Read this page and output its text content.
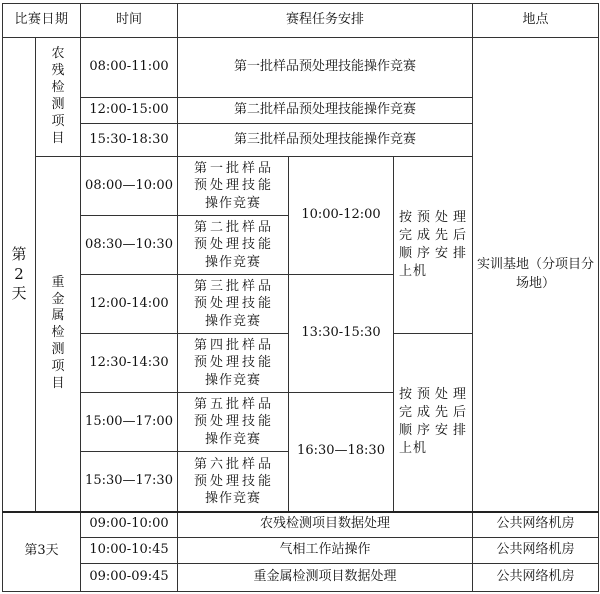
比赛日期		时间	赛程任务安排			地点

第2天	农残检测项目	08:00-11:00	第一批样品预处理技能操作竞赛			实训基地（分项目分场地）

		12:00-15:00	第二批样品预处理技能操作竞赛			
		15:30-18:30	第三批样品预处理技能操作竞赛			

	重金属检测项目	08:00—10:00	第一批样品预处理技能操作竞赛	10:00-12:00	按预处理完成先后顺序安排上机	

		08:30—10:30	第二批样品预处理技能操作竞赛			

		12:00-14:00	第三批样品预处理技能操作竞赛	13:30-15:30		

		12:30-14:30	第四批样品预处理技能操作竞赛		按预处理完成先后顺序安排上机	

		15:00—17:00	第五批样品预处理技能操作竞赛	16:30—18:30		

		15:30—17:30	第六批样品预处理技能操作竞赛			

第3天		09:00-10:00	农残检测项目数据处理			公共网络机房
		10:00-10:45	气相工作站操作			公共网络机房
		09:00-09:45	重金属检测项目数据处理			公共网络机房
